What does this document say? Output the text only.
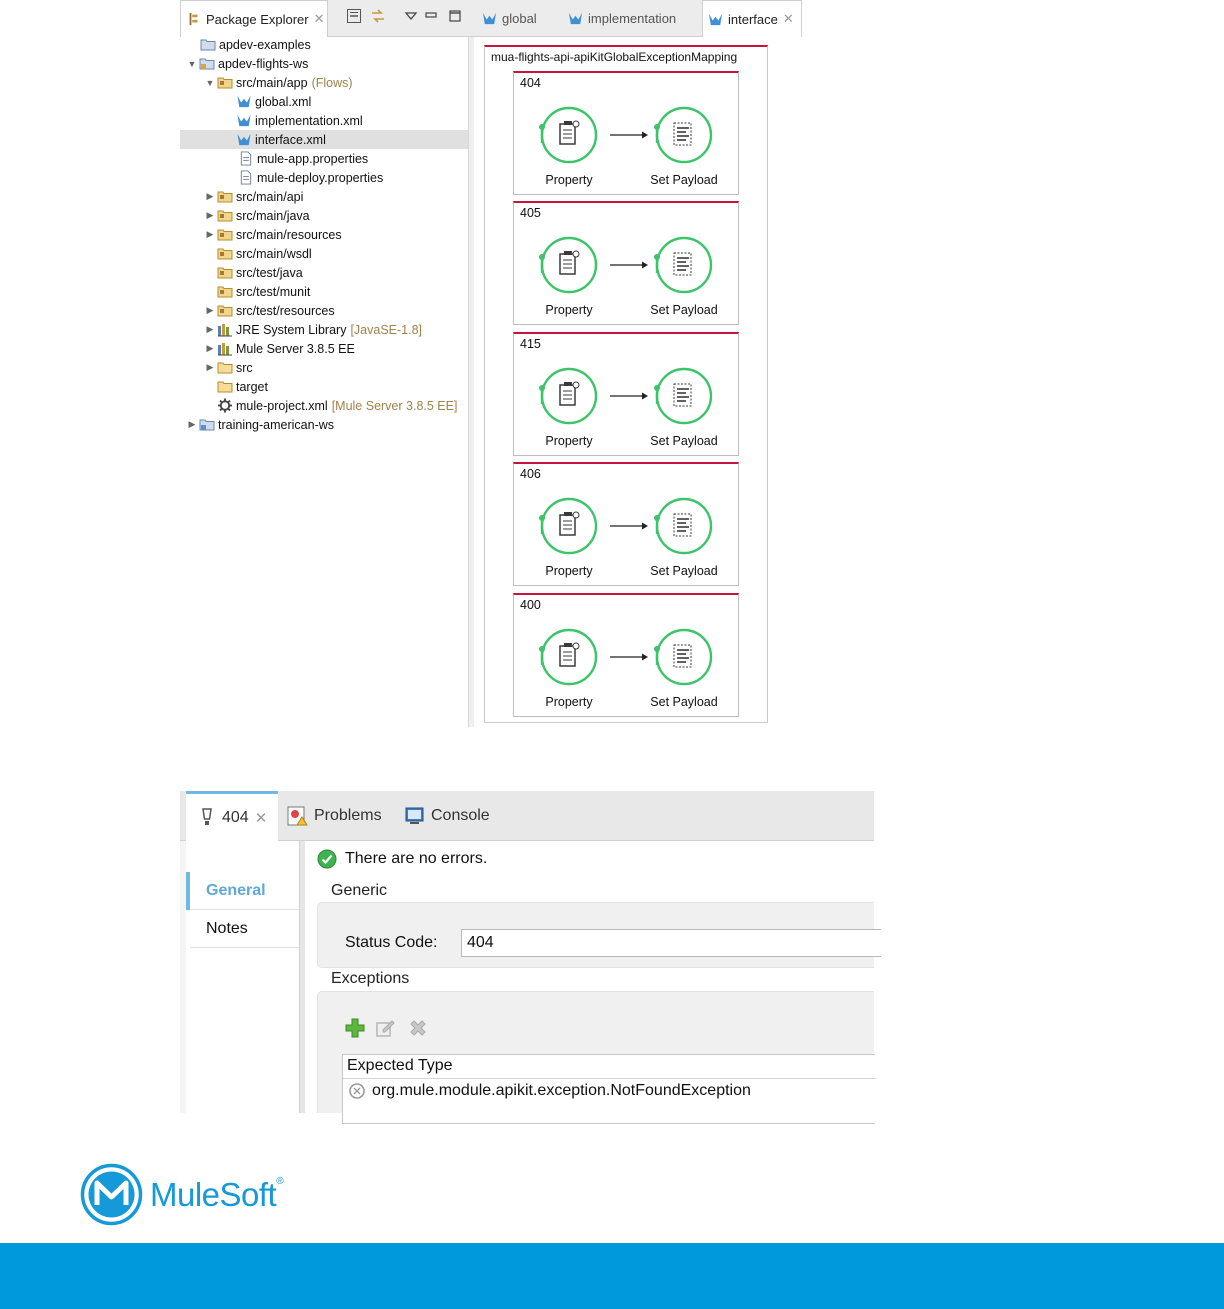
Package Explorer ✕	global	implementation	interface ✕
apdev-examples
▼ apdev-flights-ws
▼ src/main/app (Flows)
global.xml
implementation.xml
interface.xml
mule-app.properties
mule-deploy.properties
▶ src/main/api
▶ src/main/java
▶ src/main/resources
src/main/wsdl
src/test/java
src/test/munit
▶ src/test/resources
▶ JRE System Library [JavaSE-1.8]
▶ Mule Server 3.8.5 EE
▶ src
target
mule-project.xml [Mule Server 3.8.5 EE]
▶ training-american-ws
mua-flights-api-apiKitGlobalExceptionMapping
404
Property	Set Payload
405
Property	Set Payload
415
Property	Set Payload
406
Property	Set Payload
400
Property	Set Payload
404 ✕	Problems	Console
General
Notes
There are no errors.
Generic
Status Code:	404
Exceptions
Expected Type
org.mule.module.apikit.exception.NotFoundException
MuleSoft®
